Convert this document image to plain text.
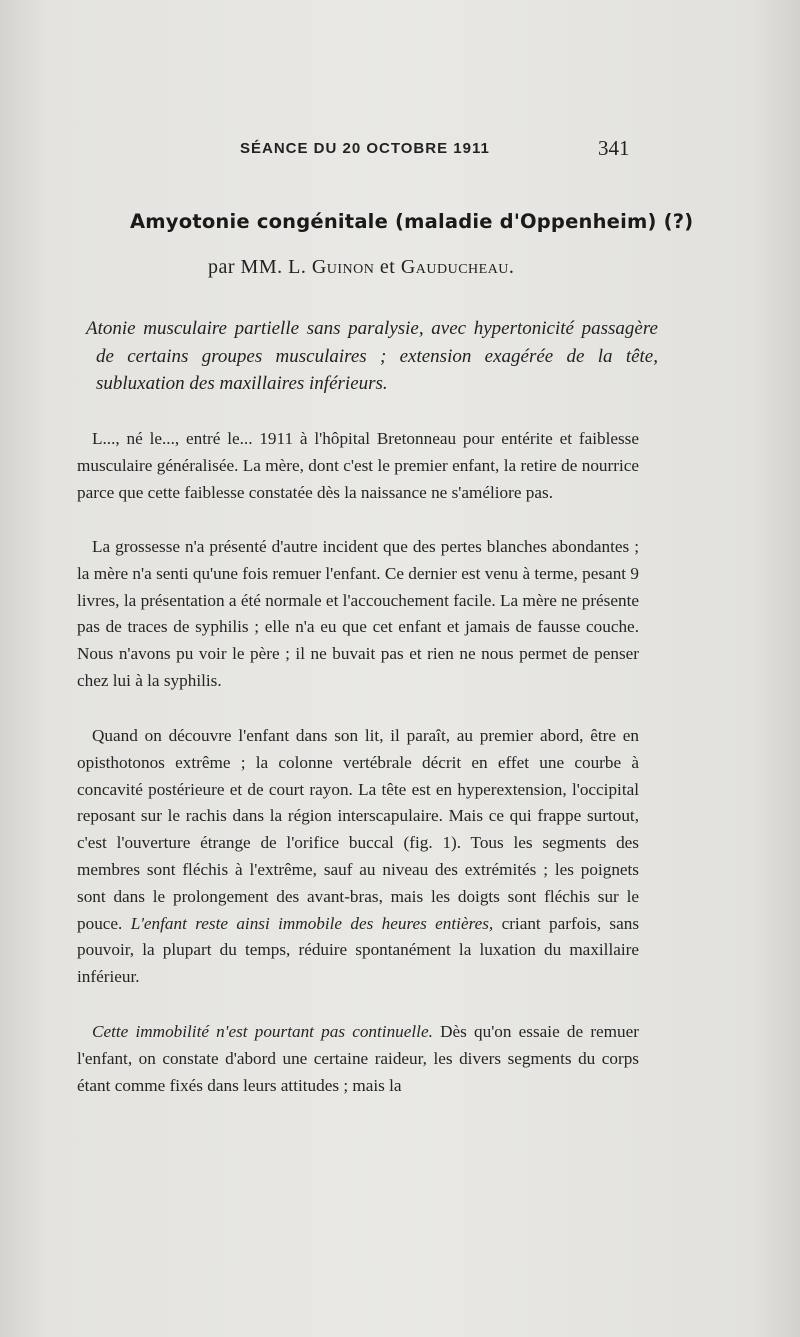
SÉANCE DU 20 OCTOBRE 1911	341
Amyotonie congénitale (maladie d'Oppenheim) (?)
par MM. L. Guinon et Gauducheau.

Atonie musculaire partielle sans paralysie, avec hypertonicité passagère de certains groupes musculaires ; extension exagérée de la tête, subluxation des maxillaires inférieurs.

L..., né le..., entré le... 1911 à l'hôpital Bretonneau pour entérite et faiblesse musculaire généralisée. La mère, dont c'est le premier enfant, la retire de nourrice parce que cette faiblesse constatée dès la naissance ne s'améliore pas.

La grossesse n'a présenté d'autre incident que des pertes blanches abondantes ; la mère n'a senti qu'une fois remuer l'enfant. Ce dernier est venu à terme, pesant 9 livres, la présentation a été normale et l'accouchement facile. La mère ne présente pas de traces de syphilis ; elle n'a eu que cet enfant et jamais de fausse couche. Nous n'avons pu voir le père ; il ne buvait pas et rien ne nous permet de penser chez lui à la syphilis.

Quand on découvre l'enfant dans son lit, il paraît, au premier abord, être en opisthotonos extrême ; la colonne vertébrale décrit en effet une courbe à concavité postérieure et de court rayon. La tête est en hyperextension, l'occipital reposant sur le rachis dans la région interscapulaire. Mais ce qui frappe surtout, c'est l'ouverture étrange de l'orifice buccal (fig. 1). Tous les segments des membres sont fléchis à l'extrême, sauf au niveau des extrémités ; les poignets sont dans le prolongement des avant-bras, mais les doigts sont fléchis sur le pouce. L'enfant reste ainsi immobile des heures entières, criant parfois, sans pouvoir, la plupart du temps, réduire spontanément la luxation du maxillaire inférieur.

Cette immobilité n'est pourtant pas continuelle. Dès qu'on essaie de remuer l'enfant, on constate d'abord une certaine raideur, les divers segments du corps étant comme fixés dans leurs attitudes ; mais la
